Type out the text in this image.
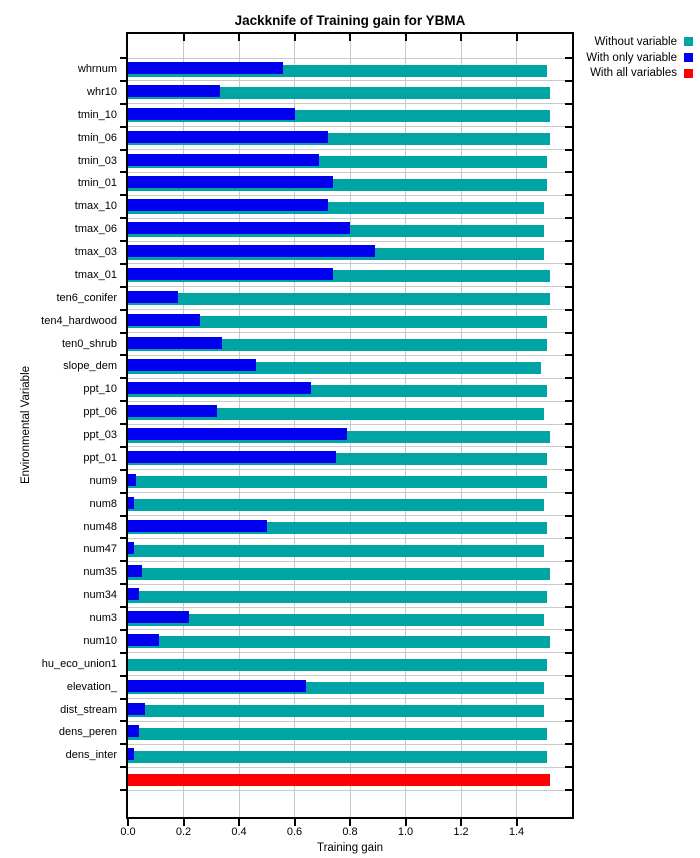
Jackknife of Training gain for YBMA
Environmental Variable
Training gain
Without variable
With only variable
With all variables
whrnum
whr10
tmin_10
tmin_06
tmin_03
tmin_01
tmax_10
tmax_06
tmax_03
tmax_01
ten6_conifer
ten4_hardwood
ten0_shrub
slope_dem
ppt_10
ppt_06
ppt_03
ppt_01
num9
num8
num48
num47
num35
num34
num3
num10
hu_eco_union1
elevation_
dist_stream
dens_peren
dens_inter
0.0	0.2	0.4	0.6	0.8	1.0	1.2	1.4
